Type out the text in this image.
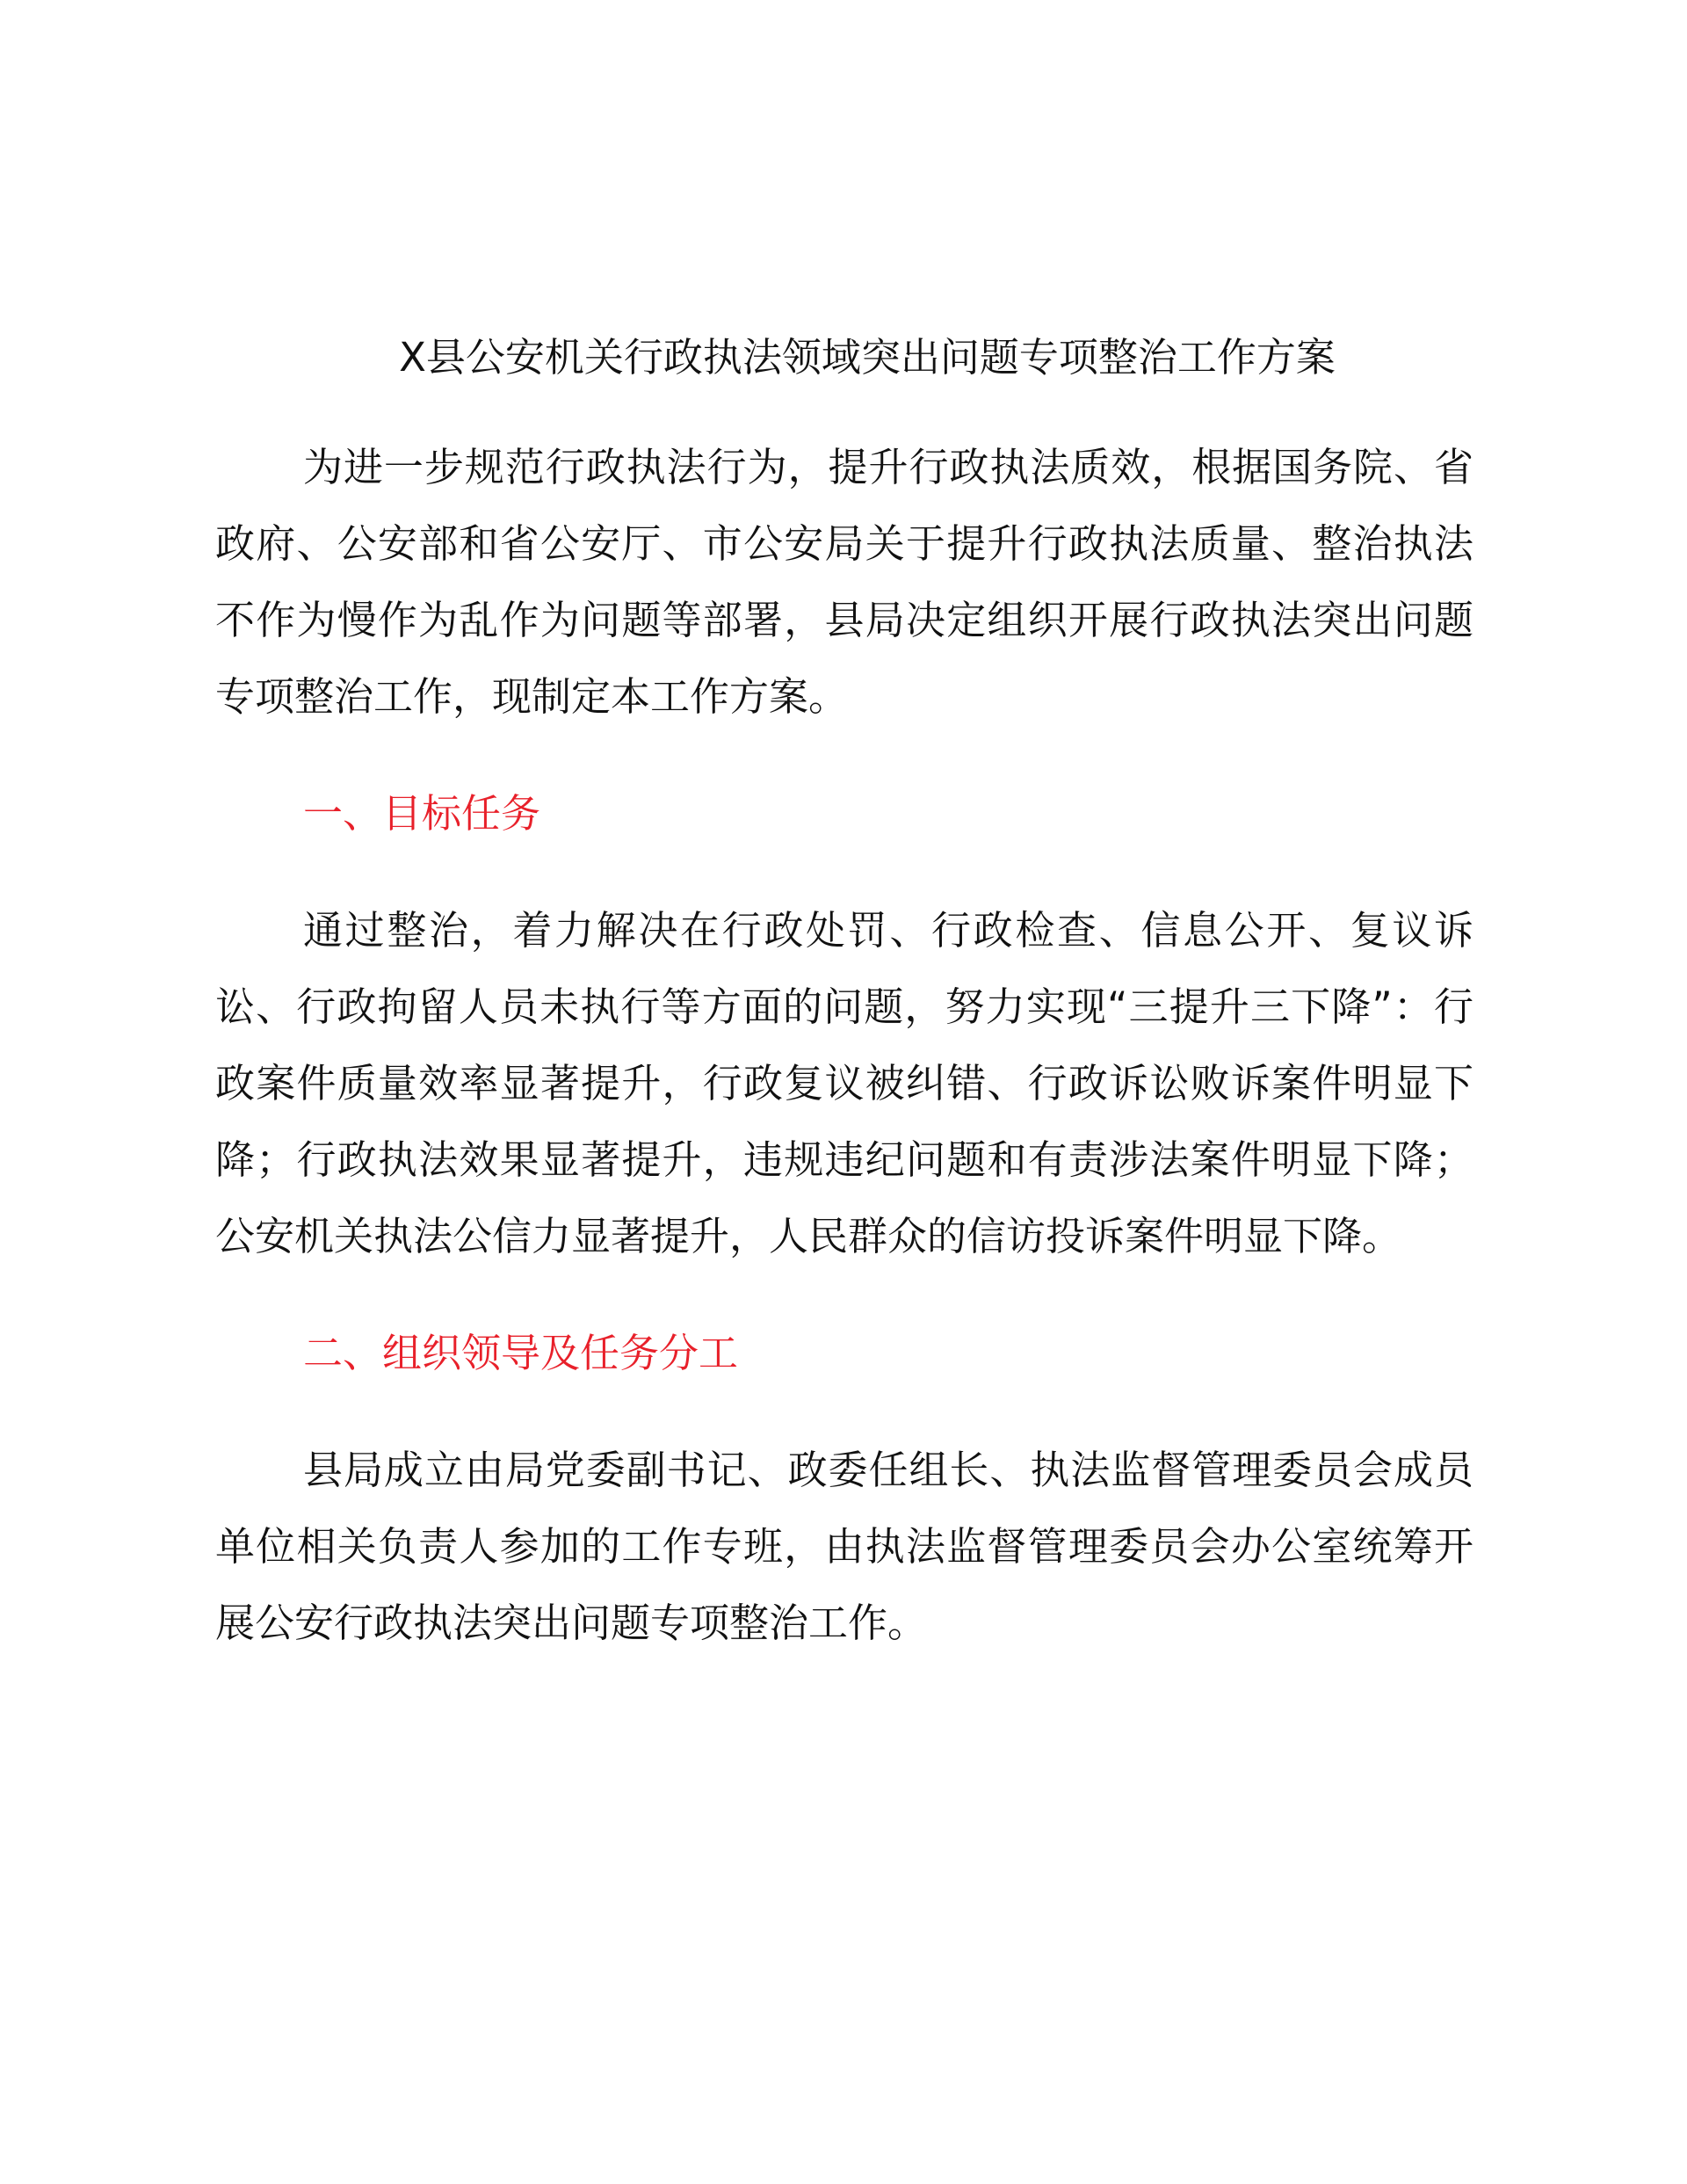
X县公安机关行政执法领域突出问题专项整治工作方案

为进一步规范行政执法行为，提升行政执法质效，根据国务院、省政府、公安部和省公安厅、市公安局关于提升行政执法质量、整治执法不作为慢作为乱作为问题等部署，县局决定组织开展行政执法突出问题专项整治工作，现制定本工作方案。

一、目标任务

通过整治，着力解决在行政处罚、行政检查、信息公开、复议诉讼、行政拘留人员未执行等方面的问题，努力实现“三提升三下降”：行政案件质量效率显著提升，行政复议被纠错、行政诉讼败诉案件明显下降；行政执法效果显著提升，违规违纪问题和有责涉法案件明显下降；公安机关执法公信力显著提升，人民群众的信访投诉案件明显下降。

二、组织领导及任务分工

县局成立由局党委副书记、政委任组长、执法监督管理委员会成员单位相关负责人参加的工作专班，由执法监督管理委员会办公室统筹开展公安行政执法突出问题专项整治工作。
